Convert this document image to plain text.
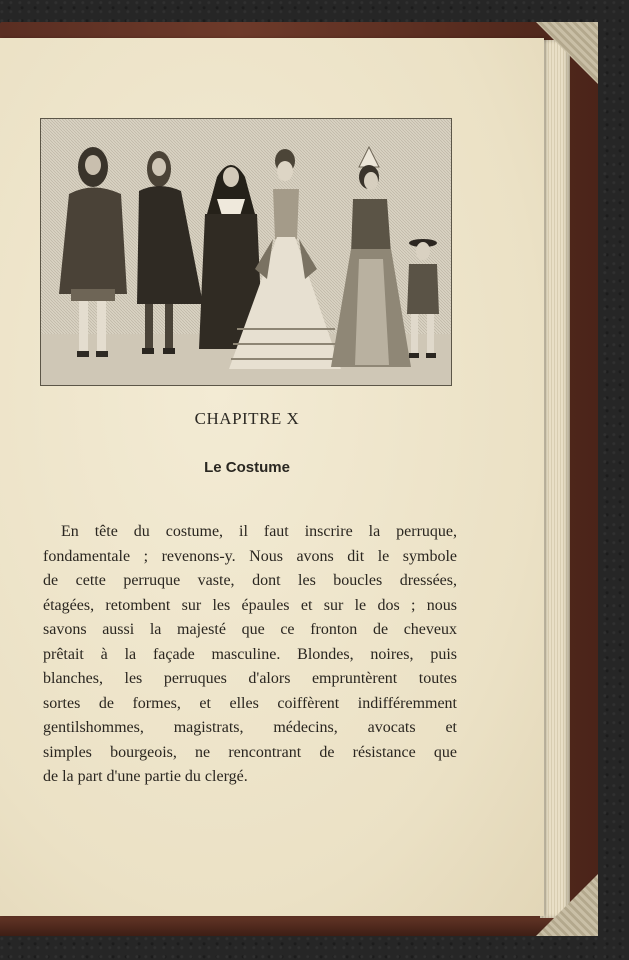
CHAPITRE X
Le Costume
En tête du costume, il faut inscrire la perruque,
fondamentale ; revenons-y. Nous avons dit le symbole
de cette perruque vaste, dont les boucles dressées,
étagées, retombent sur les épaules et sur le dos ; nous
savons aussi la majesté que ce fronton de cheveux
prêtait à la façade masculine. Blondes, noires, puis
blanches, les perruques d'alors empruntèrent toutes
sortes de formes, et elles coiffèrent indifféremment
gentilshommes, magistrats, médecins, avocats et
simples bourgeois, ne rencontrant de résistance que
de la part d'une partie du clergé.
